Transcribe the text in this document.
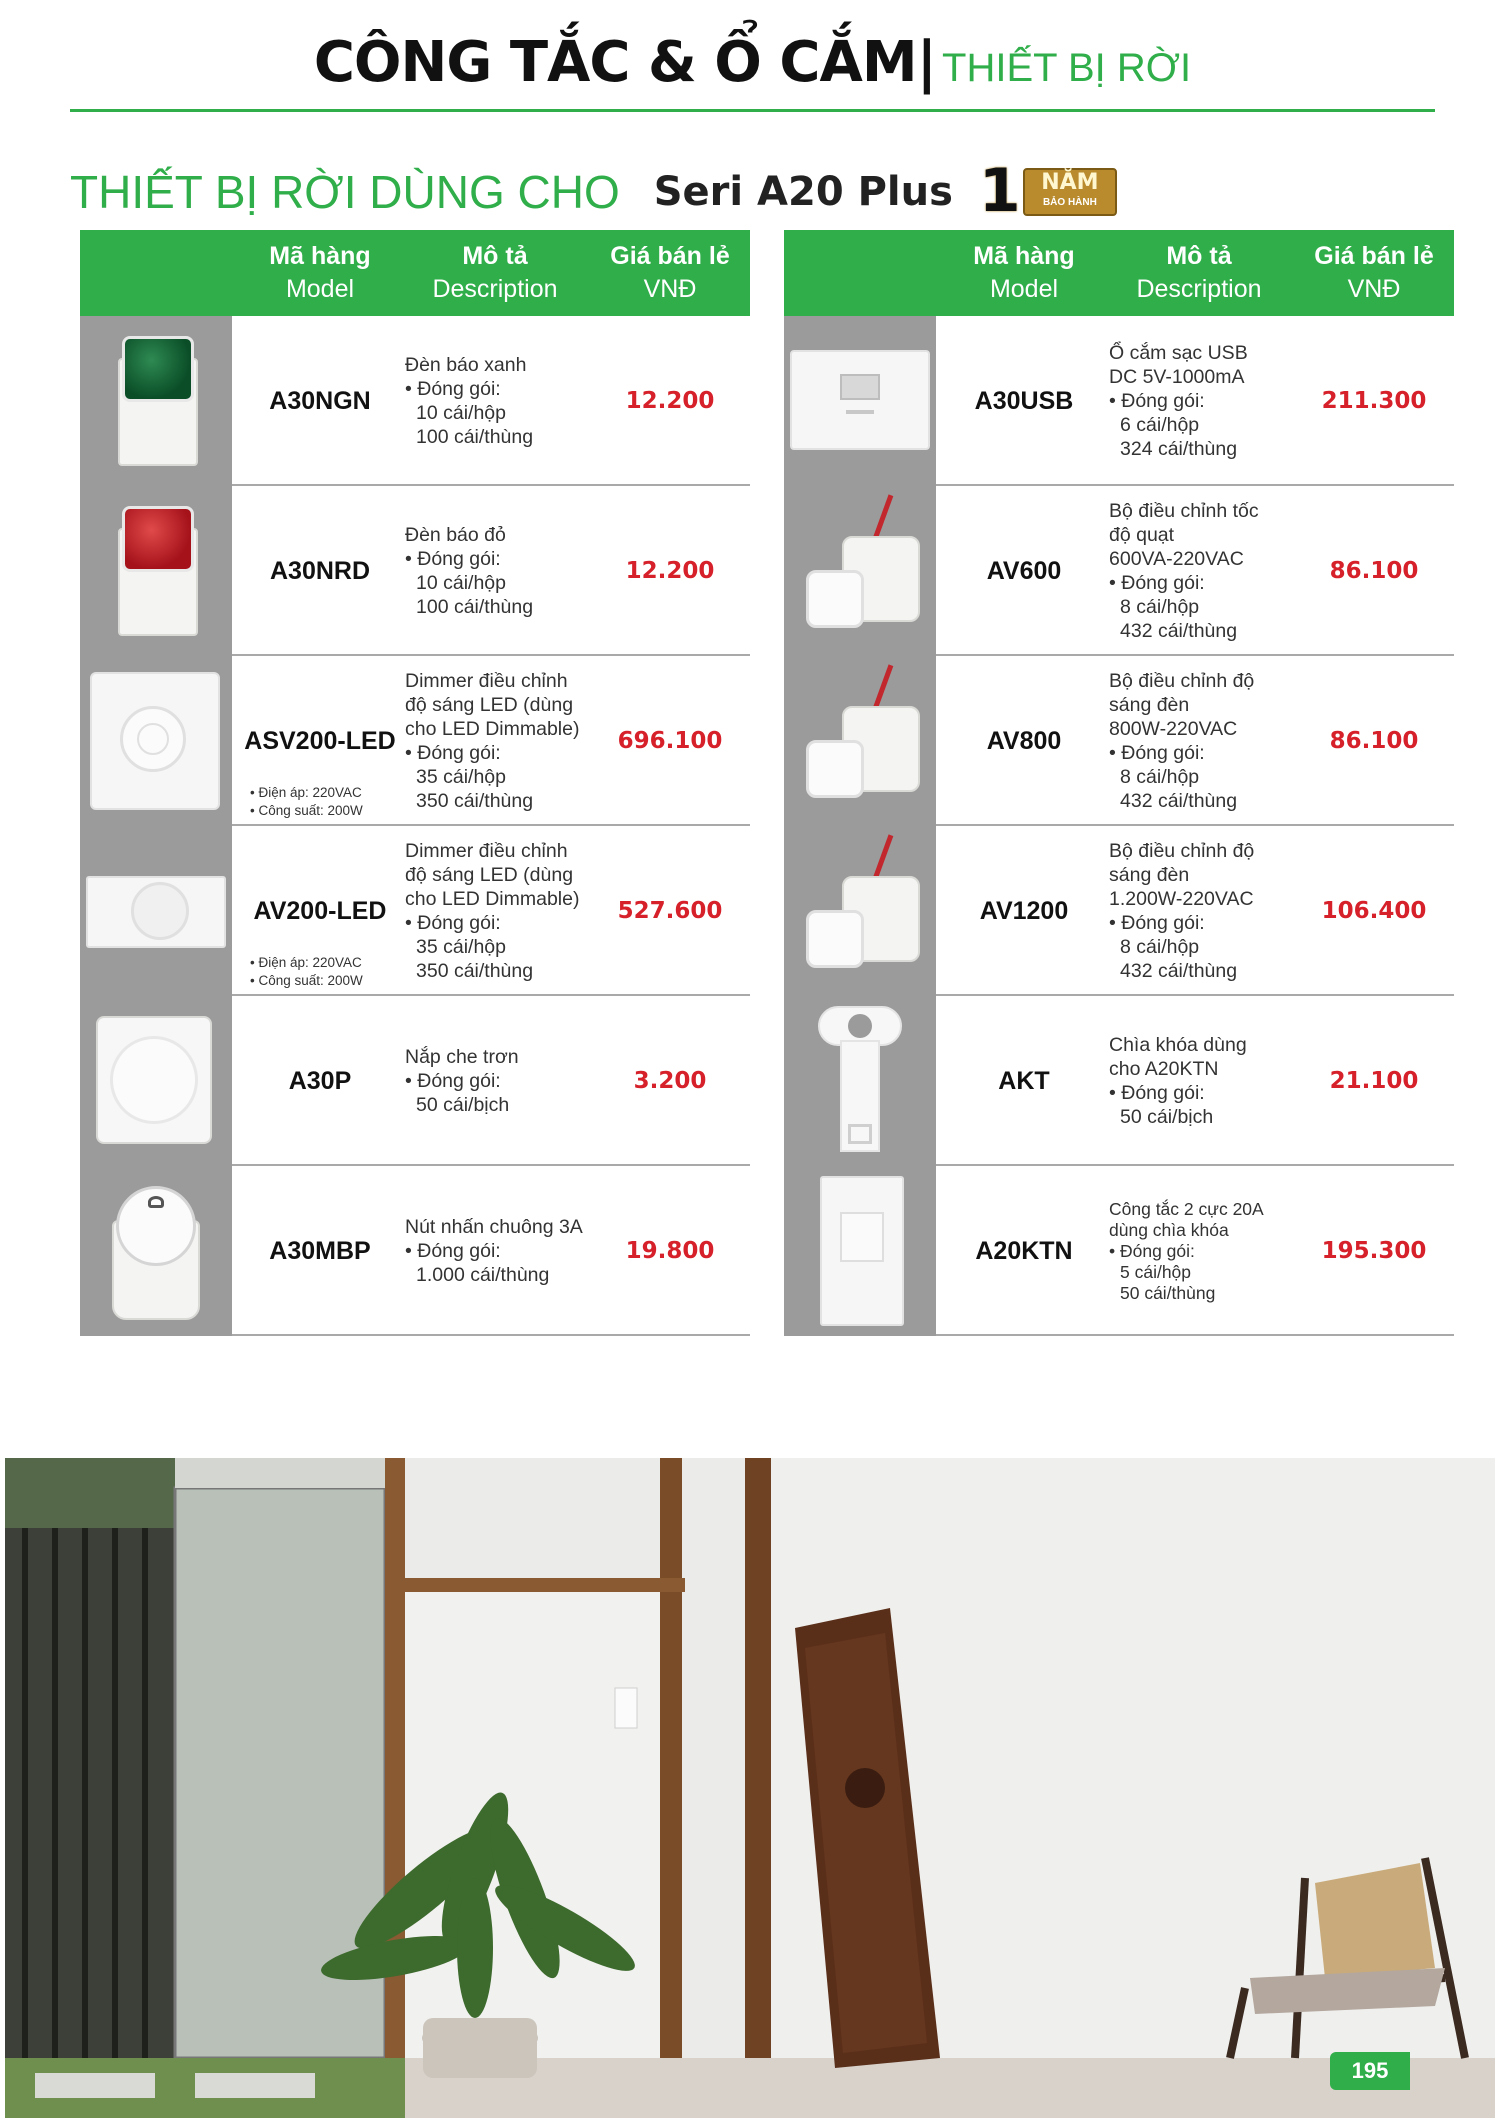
CÔNG TẮC & Ổ CẮM| THIẾT BỊ RỜI
THIẾT BỊ RỜI DÙNG CHO Seri A20 Plus 1 NĂM
BẢO HÀNH
Mã hàng
Model
Mô tả
Description
Giá bán lẻ
VNĐ
A30NGN
Đèn báo xanh
• Đóng gói:
10 cái/hộp
100 cái/thùng
12.200
A30NRD
Đèn báo đỏ
• Đóng gói:
10 cái/hộp
100 cái/thùng
12.200
ASV200-LED
• Điện áp: 220VAC
• Công suất: 200W
Dimmer điều chỉnh
độ sáng LED (dùng
cho LED Dimmable)
• Đóng gói:
35 cái/hộp
350 cái/thùng
696.100
AV200-LED
• Điện áp: 220VAC
• Công suất: 200W
Dimmer điều chỉnh
độ sáng LED (dùng
cho LED Dimmable)
• Đóng gói:
35 cái/hộp
350 cái/thùng
527.600
A30P
Nắp che trơn
• Đóng gói:
50 cái/bịch
3.200
A30MBP
Nút nhấn chuông 3A
• Đóng gói:
1.000 cái/thùng
19.800
Mã hàng
Model
Mô tả
Description
Giá bán lẻ
VNĐ
A30USB
Ổ cắm sạc USB
DC 5V-1000mA
• Đóng gói:
6 cái/hộp
324 cái/thùng
211.300
AV600
Bộ điều chỉnh tốc
độ quạt
600VA-220VAC
• Đóng gói:
8 cái/hộp
432 cái/thùng
86.100
AV800
Bộ điều chỉnh độ
sáng đèn
800W-220VAC
• Đóng gói:
8 cái/hộp
432 cái/thùng
86.100
AV1200
Bộ điều chỉnh độ
sáng đèn
1.200W-220VAC
• Đóng gói:
8 cái/hộp
432 cái/thùng
106.400
AKT
Chìa khóa dùng
cho A20KTN
• Đóng gói:
50 cái/bịch
21.100
A20KTN
Công tắc 2 cực 20A
dùng chìa khóa
• Đóng gói:
5 cái/hộp
50 cái/thùng
195.300
195
